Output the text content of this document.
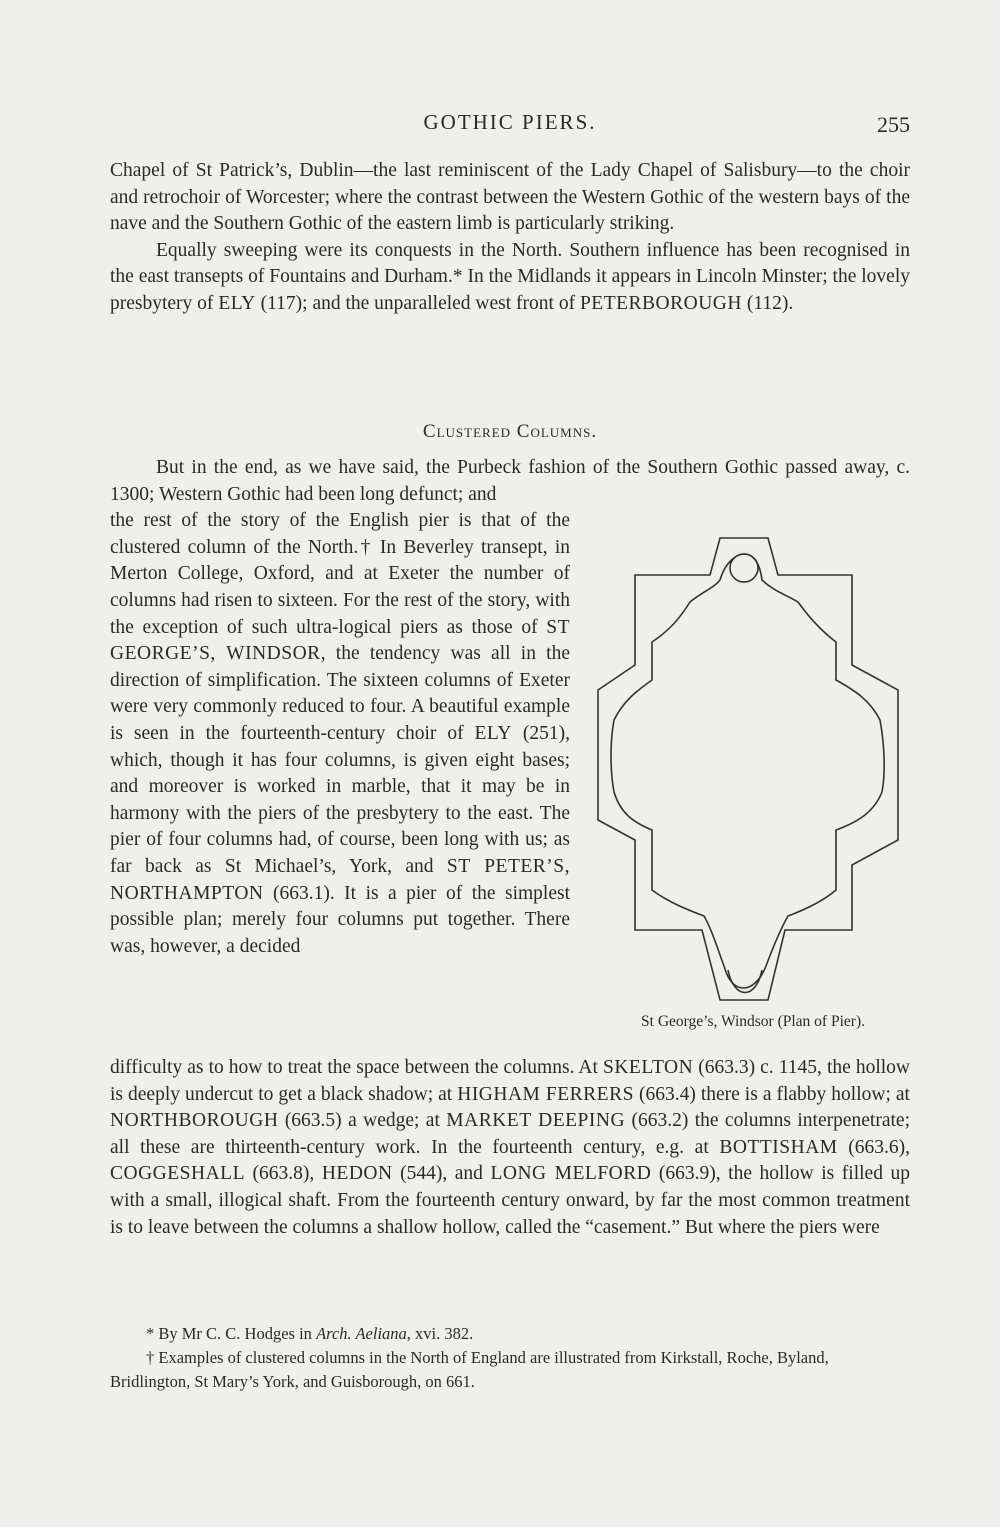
GOTHIC PIERS.	255

Chapel of St Patrick’s, Dublin—the last reminiscent of the Lady Chapel of Salisbury—to the choir and retrochoir of Worcester; where the contrast between the Western Gothic of the western bays of the nave and the Southern Gothic of the eastern limb is particularly striking.

Equally sweeping were its conquests in the North. Southern influence has been recognised in the east transepts of Fountains and Durham.* In the Midlands it appears in Lincoln Minster; the lovely presbytery of ELY (117); and the unparalleled west front of PETERBOROUGH (112).

Clustered Columns.

But in the end, as we have said, the Purbeck fashion of the Southern Gothic passed away, c. 1300; Western Gothic had been long defunct; and

the rest of the story of the English pier is that of the clustered column of the North.† In Beverley transept, in Merton College, Oxford, and at Exeter the number of columns had risen to sixteen. For the rest of the story, with the exception of such ultra-logical piers as those of ST GEORGE’S, WINDSOR, the tendency was all in the direction of simplification. The sixteen columns of Exeter were very commonly reduced to four. A beautiful example is seen in the fourteenth-century choir of ELY (251), which, though it has four columns, is given eight bases; and moreover is worked in marble, that it may be in harmony with the piers of the presbytery to the east. The pier of four columns had, of course, been long with us; as far back as St Michael’s, York, and ST PETER’S, NORTHAMPTON (663.1). It is a pier of the simplest possible plan; merely four columns put together. There was, however, a decided

St George’s, Windsor (Plan of Pier).

difficulty as to how to treat the space between the columns. At SKELTON (663.3) c. 1145, the hollow is deeply undercut to get a black shadow; at HIGHAM FERRERS (663.4) there is a flabby hollow; at NORTHBOROUGH (663.5) a wedge; at MARKET DEEPING (663.2) the columns interpenetrate; all these are thirteenth-century work. In the fourteenth century, e.g. at BOTTISHAM (663.6), COGGESHALL (663.8), HEDON (544), and LONG MELFORD (663.9), the hollow is filled up with a small, illogical shaft. From the fourteenth century onward, by far the most common treatment is to leave between the columns a shallow hollow, called the “casement.” But where the piers were

* By Mr C. C. Hodges in Arch. Aeliana, xvi. 382.

† Examples of clustered columns in the North of England are illustrated from Kirkstall, Roche, Byland, Bridlington, St Mary’s York, and Guisborough, on 661.
